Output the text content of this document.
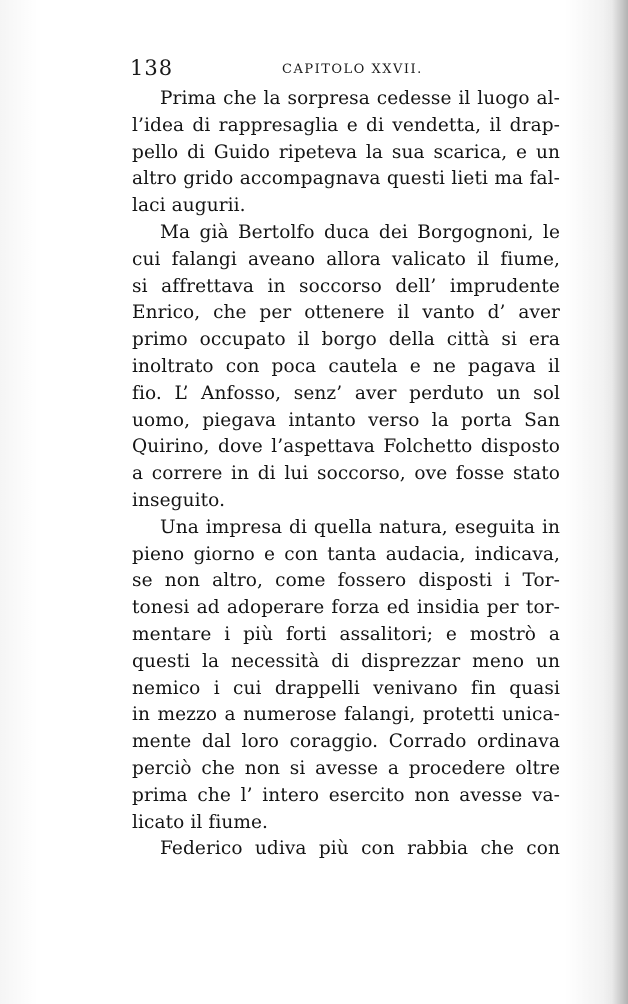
138	CAPITOLO XXVII.
Prima che la sorpresa cedesse il luogo al-
l’idea di rappresaglia e di vendetta, il drap-
pello di Guido ripeteva la sua scarica, e un
altro grido accompagnava questi lieti ma fal-
laci augurii.
Ma già Bertolfo duca dei Borgognoni, le
cui falangi aveano allora valicato il fiume,
si affrettava in soccorso dell’ imprudente
Enrico, che per ottenere il vanto d’ aver
primo occupato il borgo della città si era
inoltrato con poca cautela e ne pagava il
fio. L’ Anfosso, senz’ aver perduto un sol
uomo, piegava intanto verso la porta San
Quirino, dove l’aspettava Folchetto disposto
a correre in di lui soccorso, ove fosse stato
inseguito.
Una impresa di quella natura, eseguita in
pieno giorno e con tanta audacia, indicava,
se non altro, come fossero disposti i Tor-
tonesi ad adoperare forza ed insidia per tor-
mentare i più forti assalitori; e mostrò a
questi la necessità di disprezzar meno un
nemico i cui drappelli venivano fin quasi
in mezzo a numerose falangi, protetti unica-
mente dal loro coraggio. Corrado ordinava
perciò che non si avesse a procedere oltre
prima che l’ intero esercito non avesse va-
licato il fiume.
Federico udiva più con rabbia che con
